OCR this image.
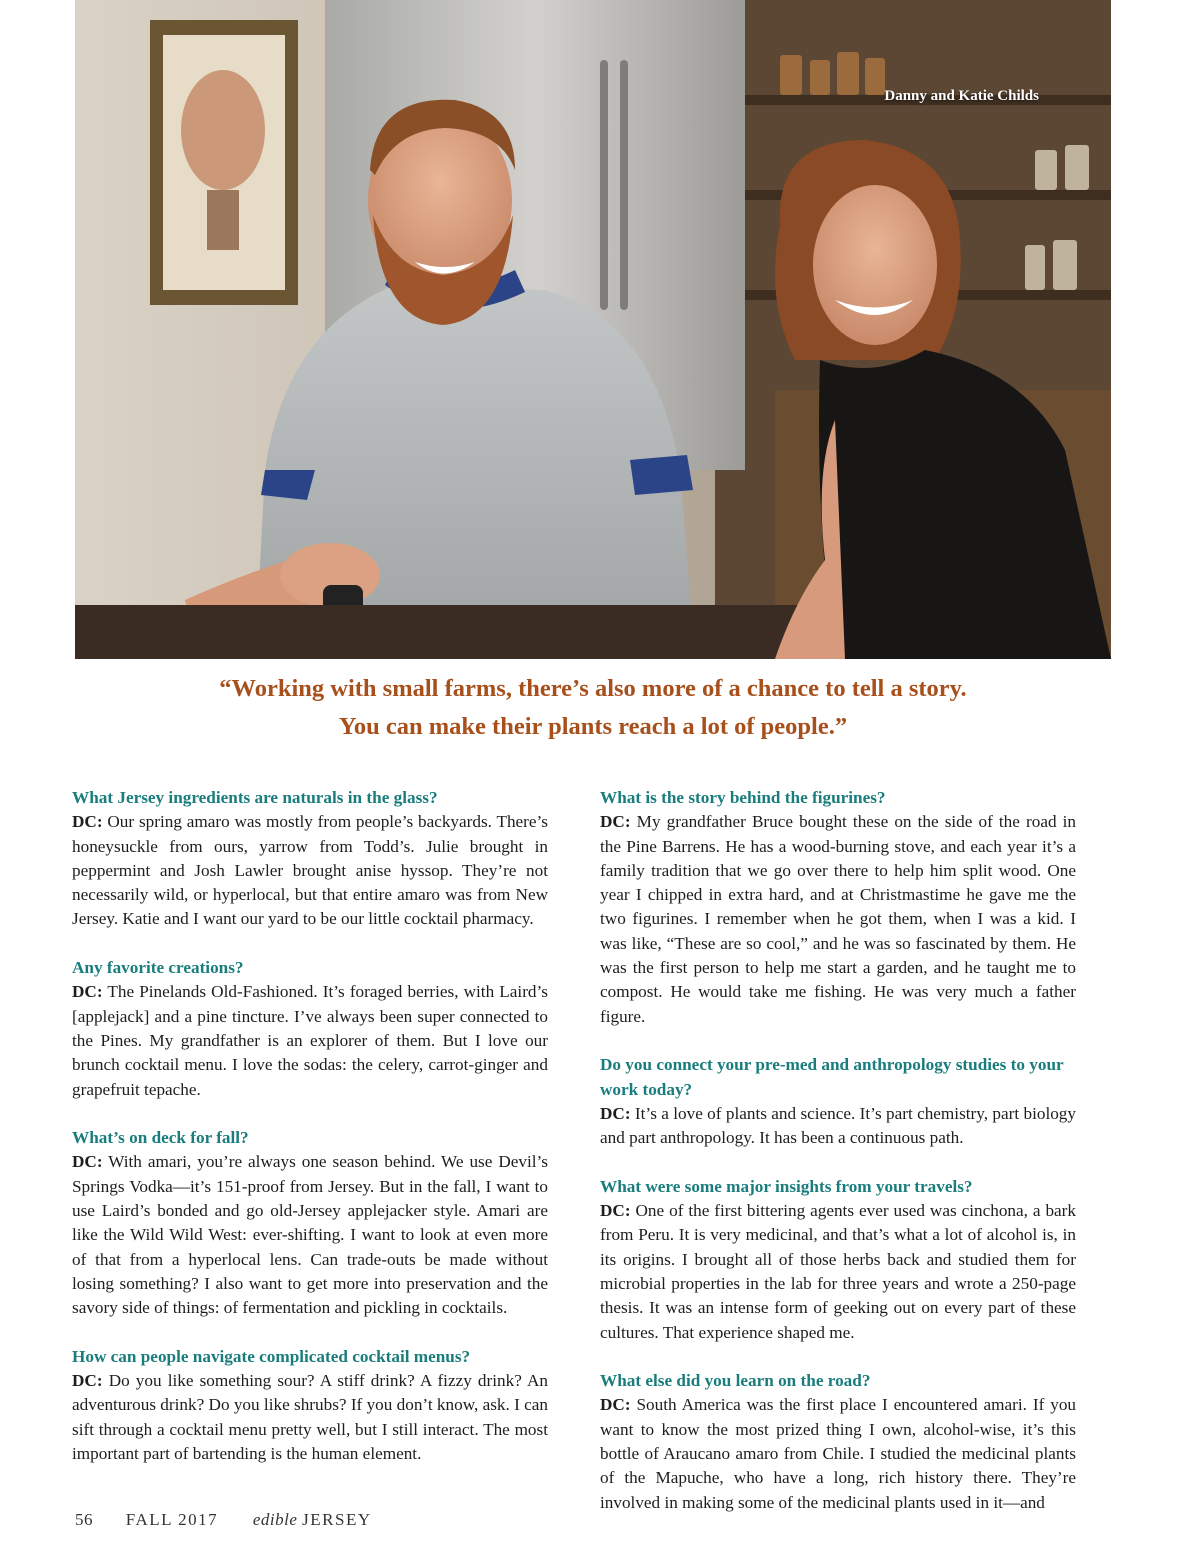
Danny and Katie Childs
“Working with small farms, there’s also more of a chance to tell a story.
You can make their plants reach a lot of people.”
What Jersey ingredients are naturals in the glass?

DC: Our spring amaro was mostly from people’s backyards. There’s honeysuckle from ours, yarrow from Todd’s. Julie brought in peppermint and Josh Lawler brought anise hyssop. They’re not necessarily wild, or hyperlocal, but that entire amaro was from New Jersey. Katie and I want our yard to be our little cocktail pharmacy.

Any favorite creations?

DC: The Pinelands Old-Fashioned. It’s foraged berries, with Laird’s [applejack] and a pine tincture. I’ve always been super connected to the Pines. My grandfather is an explorer of them. But I love our brunch cocktail menu. I love the sodas: the celery, carrot-ginger and grapefruit tepache.

What’s on deck for fall?

DC: With amari, you’re always one season behind. We use Devil’s Springs Vodka—it’s 151-proof from Jersey. But in the fall, I want to use Laird’s bonded and go old-Jersey applejacker style. Amari are like the Wild Wild West: ever-shifting. I want to look at even more of that from a hyperlocal lens. Can trade-outs be made without losing something? I also want to get more into preservation and the savory side of things: of fermentation and pickling in cocktails.

How can people navigate complicated cocktail menus?

DC: Do you like something sour? A stiff drink? A fizzy drink? An adventurous drink? Do you like shrubs? If you don’t know, ask. I can sift through a cocktail menu pretty well, but I still interact. The most important part of bartending is the human element.

What is the story behind the figurines?

DC: My grandfather Bruce bought these on the side of the road in the Pine Barrens. He has a wood-burning stove, and each year it’s a family tradition that we go over there to help him split wood. One year I chipped in extra hard, and at Christmastime he gave me the two figurines. I remember when he got them, when I was a kid. I was like, “These are so cool,” and he was so fascinated by them. He was the first person to help me start a garden, and he taught me to compost. He would take me fishing. He was very much a father figure.

Do you connect your pre-med and anthropology studies to your work today?

DC: It’s a love of plants and science. It’s part chemistry, part biology and part anthropology. It has been a continuous path.

What were some major insights from your travels?

DC: One of the first bittering agents ever used was cinchona, a bark from Peru. It is very medicinal, and that’s what a lot of alcohol is, in its origins. I brought all of those herbs back and studied them for microbial properties in the lab for three years and wrote a 250-page thesis. It was an intense form of geeking out on every part of these cultures. That experience shaped me.

What else did you learn on the road?

DC: South America was the first place I encountered amari. If you want to know the most prized thing I own, alcohol-wise, it’s this bottle of Araucano amaro from Chile. I studied the medicinal plants of the Mapuche, who have a long, rich history there. They’re involved in making some of the medicinal plants used in it—and

56 FALL 2017 edible JERSEY
